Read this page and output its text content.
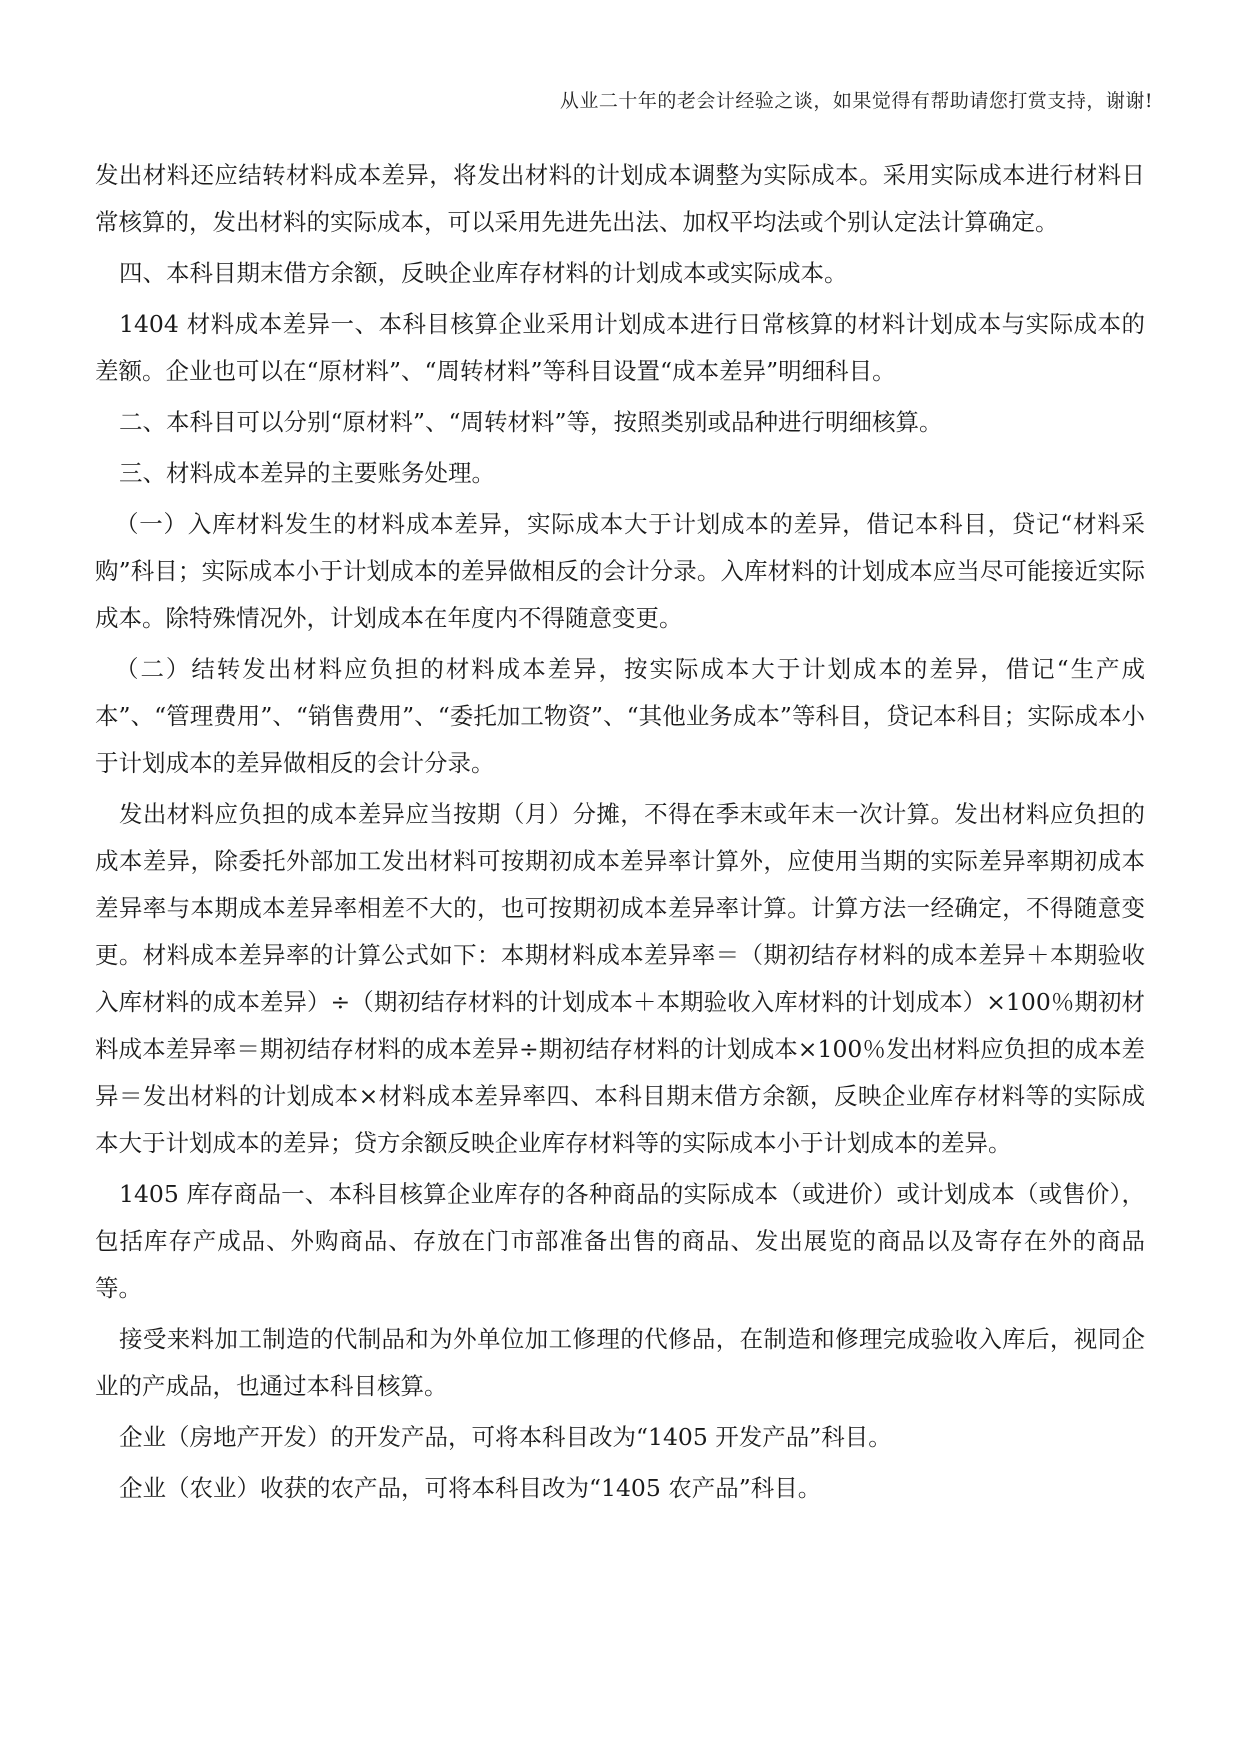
从业二十年的老会计经验之谈，如果觉得有帮助请您打赏支持，谢谢!

发出材料还应结转材料成本差异，将发出材料的计划成本调整为实际成本。采用实际成本进行材料日常核算的，发出材料的实际成本，可以采用先进先出法、加权平均法或个别认定法计算确定。

四、本科目期末借方余额，反映企业库存材料的计划成本或实际成本。

1404 材料成本差异一、本科目核算企业采用计划成本进行日常核算的材料计划成本与实际成本的差额。企业也可以在“原材料”、“周转材料”等科目设置“成本差异”明细科目。

二、本科目可以分别“原材料”、“周转材料”等，按照类别或品种进行明细核算。

三、材料成本差异的主要账务处理。

（一）入库材料发生的材料成本差异，实际成本大于计划成本的差异，借记本科目，贷记“材料采购”科目；实际成本小于计划成本的差异做相反的会计分录。入库材料的计划成本应当尽可能接近实际成本。除特殊情况外，计划成本在年度内不得随意变更。

（二）结转发出材料应负担的材料成本差异，按实际成本大于计划成本的差异，借记“生产成本”、“管理费用”、“销售费用”、“委托加工物资”、“其他业务成本”等科目，贷记本科目；实际成本小于计划成本的差异做相反的会计分录。

发出材料应负担的成本差异应当按期（月）分摊，不得在季末或年末一次计算。发出材料应负担的成本差异，除委托外部加工发出材料可按期初成本差异率计算外，应使用当期的实际差异率期初成本差异率与本期成本差异率相差不大的，也可按期初成本差异率计算。计算方法一经确定，不得随意变更。材料成本差异率的计算公式如下：本期材料成本差异率＝（期初结存材料的成本差异＋本期验收入库材料的成本差异）÷（期初结存材料的计划成本＋本期验收入库材料的计划成本）×100％期初材料成本差异率＝期初结存材料的成本差异÷期初结存材料的计划成本×100％发出材料应负担的成本差异＝发出材料的计划成本×材料成本差异率四、本科目期末借方余额，反映企业库存材料等的实际成本大于计划成本的差异；贷方余额反映企业库存材料等的实际成本小于计划成本的差异。

1405 库存商品一、本科目核算企业库存的各种商品的实际成本（或进价）或计划成本（或售价），包括库存产成品、外购商品、存放在门市部准备出售的商品、发出展览的商品以及寄存在外的商品等。

接受来料加工制造的代制品和为外单位加工修理的代修品，在制造和修理完成验收入库后，视同企业的产成品，也通过本科目核算。

企业（房地产开发）的开发产品，可将本科目改为“1405 开发产品”科目。

企业（农业）收获的农产品，可将本科目改为“1405 农产品”科目。
